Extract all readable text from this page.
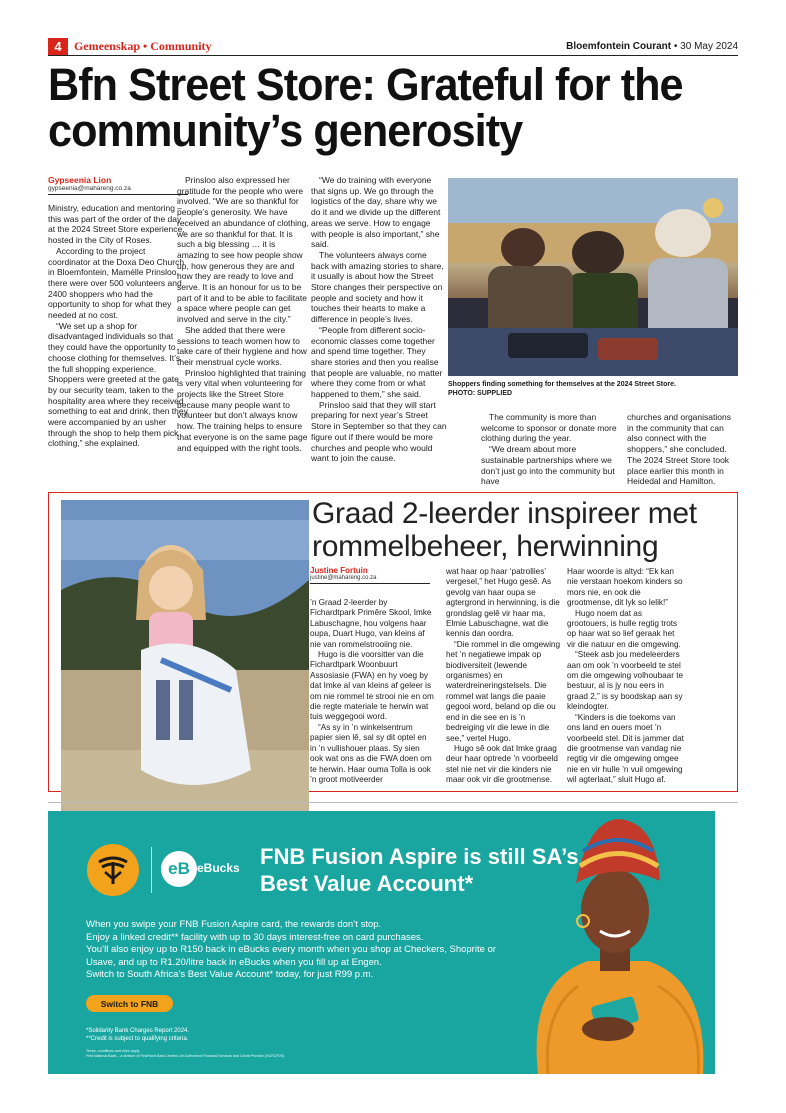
4	Gemeenskap • Community	Bloemfontein Courant • 30 May 2024
Bfn Street Store: Grateful for the community’s generosity
Gypseenia Lion
gypseenia@mahareng.co.za

Ministry, education and mentoring – this was part of the order of the day at the 2024 Street Store experience, hosted in the City of Roses.

According to the project coordinator at the Doxa Deo Church in Bloemfontein, Mamélle Prinsloo, there were over 500 volunteers and 2400 shoppers who had the opportunity to shop for what they needed at no cost.

“We set up a shop for disadvantaged individuals so that they could have the opportunity to choose clothing for themselves. It’s the full shopping experience. Shoppers were greeted at the gate by our security team, taken to the hospitality area where they received something to eat and drink, then they were accompanied by an usher through the shop to help them pick clothing,” she explained.

Prinsloo also expressed her gratitude for the people who were involved. “We are so thankful for people’s generosity. We have received an abundance of clothing, we are so thankful for that. It is such a big blessing … it is amazing to see how people show up, how generous they are and how they are ready to love and serve. It is an honour for us to be part of it and to be able to facilitate a space where people can get involved and serve in the city.”

She added that there were sessions to teach women how to take care of their hygiene and how their menstrual cycle works.

Prinsloo highlighted that training is very vital when volunteering for projects like the Street Store because many people want to volunteer but don’t always know how. The training helps to ensure that everyone is on the same page and equipped with the right tools.

“We do training with everyone that signs up. We go through the logistics of the day, share why we do it and we divide up the different areas we serve. How to engage with people is also important,” she said.

The volunteers always come back with amazing stories to share, it usually is about how the Street Store changes their perspective on people and society and how it touches their hearts to make a difference in people’s lives.

“People from different socio-economic classes come together and spend time together. They share stories and then you realise that people are valuable, no matter where they come from or what happened to them,” she said.

Prinsloo said that they will start preparing for next year’s Street Store in September so that they can figure out if there would be more churches and people who would want to join the cause.

Shoppers finding something for themselves at the 2024 Street Store.
PHOTO: SUPPLIED

The community is more than welcome to sponsor or donate more clothing during the year.

“We dream about more sustainable partnerships where we don’t just go into the community but have

churches and organisations in the community that can also connect with the shoppers,” she concluded. The 2024 Street Store took place earlier this month in Heidedal and Hamilton.

Graad 2-leerder inspireer met rommelbeheer, herwinning
Justine Fortuin
justine@mahareng.co.za

’n Graad 2-leerder by Fichardtpark Primêre Skool, Imke Labuschagne, hou volgens haar oupa, Duart Hugo, van kleins af nie van rommelstrooiing nie.

Hugo is die voorsitter van die Fichardtpark Woonbuurt Assosiasie (FWA) en hy voeg by dat Imke al van kleins af geleer is om nie rommel te strooi nie en om die regte materiale te herwin wat tuis weggegooi word.

“As sy in ’n winkelsentrum papier sien lê, sal sy dit optel en in ’n vullishouer plaas. Sy sien ook wat ons as die FWA doen om te herwin. Haar ouma Tolla is ook ’n groot motiveerder

wat haar op haar ‘patrollies’ vergesel,” het Hugo gesê. As gevolg van haar oupa se agtergrond in herwinning, is die grondslag gelê vir haar ma, Elmie Labuschagne, wat die kennis dan oordra.

“Die rommel in die omgewing het ’n negatiewe impak op biodiversiteit (lewende organismes) en waterdreineringstelsels. Die rommel wat langs die paaie gegooi word, beland op die ou end in die see en is ’n bedreiging vir die lewe in die see,” vertel Hugo.

Hugo sê ook dat Imke graag deur haar optrede ’n voorbeeld stel nie net vir die kinders nie maar ook vir die grootmense.

Haar woorde is altyd: “Ek kan nie verstaan hoekom kinders so mors nie, en ook die grootmense, dit lyk so lelik!”

Hugo noem dat as grootouers, is hulle regtig trots op haar wat so lief geraak het vir die natuur en die omgewing.

“Steek asb jou medeleerders aan om ook ’n voorbeeld te stel om die omgewing volhoubaar te bestuur, al is jy nou eers in graad 2,” is sy boodskap aan sy kleindogter.

“Kinders is die toekoms van ons land en ouers moet ’n voorbeeld stel. Dit is jammer dat die grootmense van vandag nie regtig vir die omgewing omgee nie en vir hulle ’n vuil omgewing wil agterlaat,” sluit Hugo af.

eB eBucks FNB Fusion Aspire is still SA’s Best Value Account*
When you swipe your FNB Fusion Aspire card, the rewards don’t stop.
Enjoy a linked credit** facility with up to 30 days interest-free on card purchases.
You’ll also enjoy up to R150 back in eBucks every month when you shop at Checkers, Shoprite or Usave, and up to R1.20/litre back in eBucks when you fill up at Engen.
Switch to South Africa’s Best Value Account* today, for just R99 p.m.
Switch to FNB
*Solidarity Bank Charges Report 2024.
**Credit is subject to qualifying criteria.
Terms, conditions and rules apply.
First National Bank – a division of FirstRand Bank Limited. An Authorised Financial Services and Credit Provider (NCRCP20).
